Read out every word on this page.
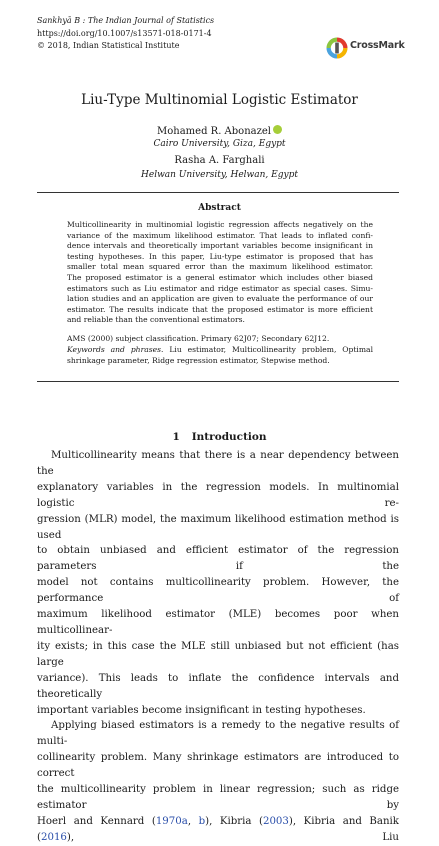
Sankhyā B : The Indian Journal of Statistics
https://doi.org/10.1007/s13571-018-0171-4
© 2018, Indian Statistical Institute	CrossMark
Liu-Type Multinomial Logistic Estimator
Mohamed R. Abonazel
Cairo University, Giza, Egypt
Rasha A. Farghali
Helwan University, Helwan, Egypt
Abstract
Multicollinearity in multinomial logistic regression affects negatively on the
variance of the maximum likelihood estimator. That leads to inflated confi-
dence intervals and theoretically important variables become insignificant in
testing hypotheses. In this paper, Liu-type estimator is proposed that has
smaller total mean squared error than the maximum likelihood estimator.
The proposed estimator is a general estimator which includes other biased
estimators such as Liu estimator and ridge estimator as special cases. Simu-
lation studies and an application are given to evaluate the performance of our
estimator. The results indicate that the proposed estimator is more efficient
and reliable than the conventional estimators.
AMS (2000) subject classification. Primary 62J07; Secondary 62J12.
Keywords and phrases. Liu estimator, Multicollinearity problem, Optimal
shrinkage parameter, Ridge regression estimator, Stepwise method.
1 Introduction
Multicollinearity means that there is a near dependency between the
explanatory variables in the regression models. In multinomial logistic re-
gression (MLR) model, the maximum likelihood estimation method is used
to obtain unbiased and efficient estimator of the regression parameters if the
model not contains multicollinearity problem. However, the performance of
maximum likelihood estimator (MLE) becomes poor when multicollinear-
ity exists; in this case the MLE still unbiased but not efficient (has large
variance). This leads to inflate the confidence intervals and theoretically
important variables become insignificant in testing hypotheses.
Applying biased estimators is a remedy to the negative results of multi-
collinearity problem. Many shrinkage estimators are introduced to correct
the multicollinearity problem in linear regression; such as ridge estimator by
Hoerl and Kennard (1970a, b), Kibria (2003), Kibria and Banik (2016), Liu
